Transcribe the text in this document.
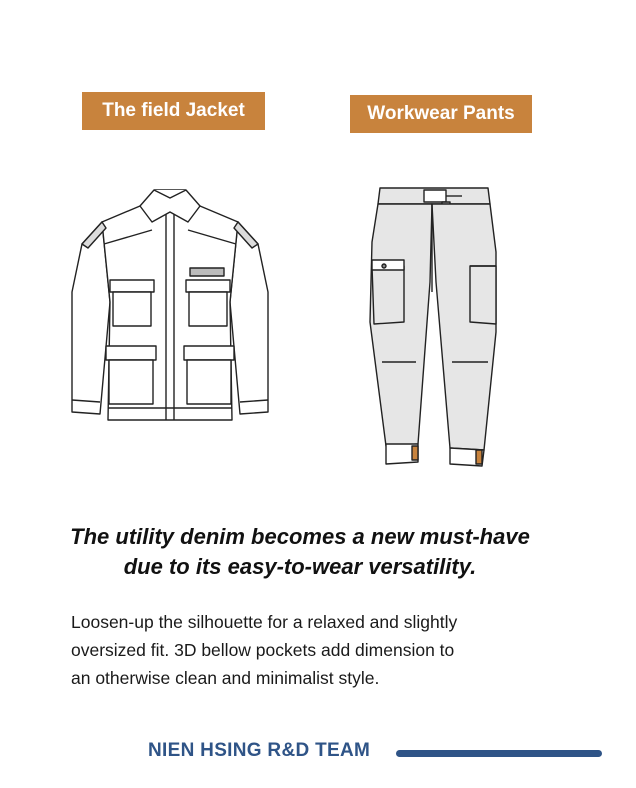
The field Jacket	Workwear Pants
The utility denim becomes a new must-have
due to its easy-to-wear versatility.
Loosen-up the silhouette for a relaxed and slightly
oversized fit. 3D bellow pockets add dimension to
an otherwise clean and minimalist style.
NIEN HSING R&D TEAM
